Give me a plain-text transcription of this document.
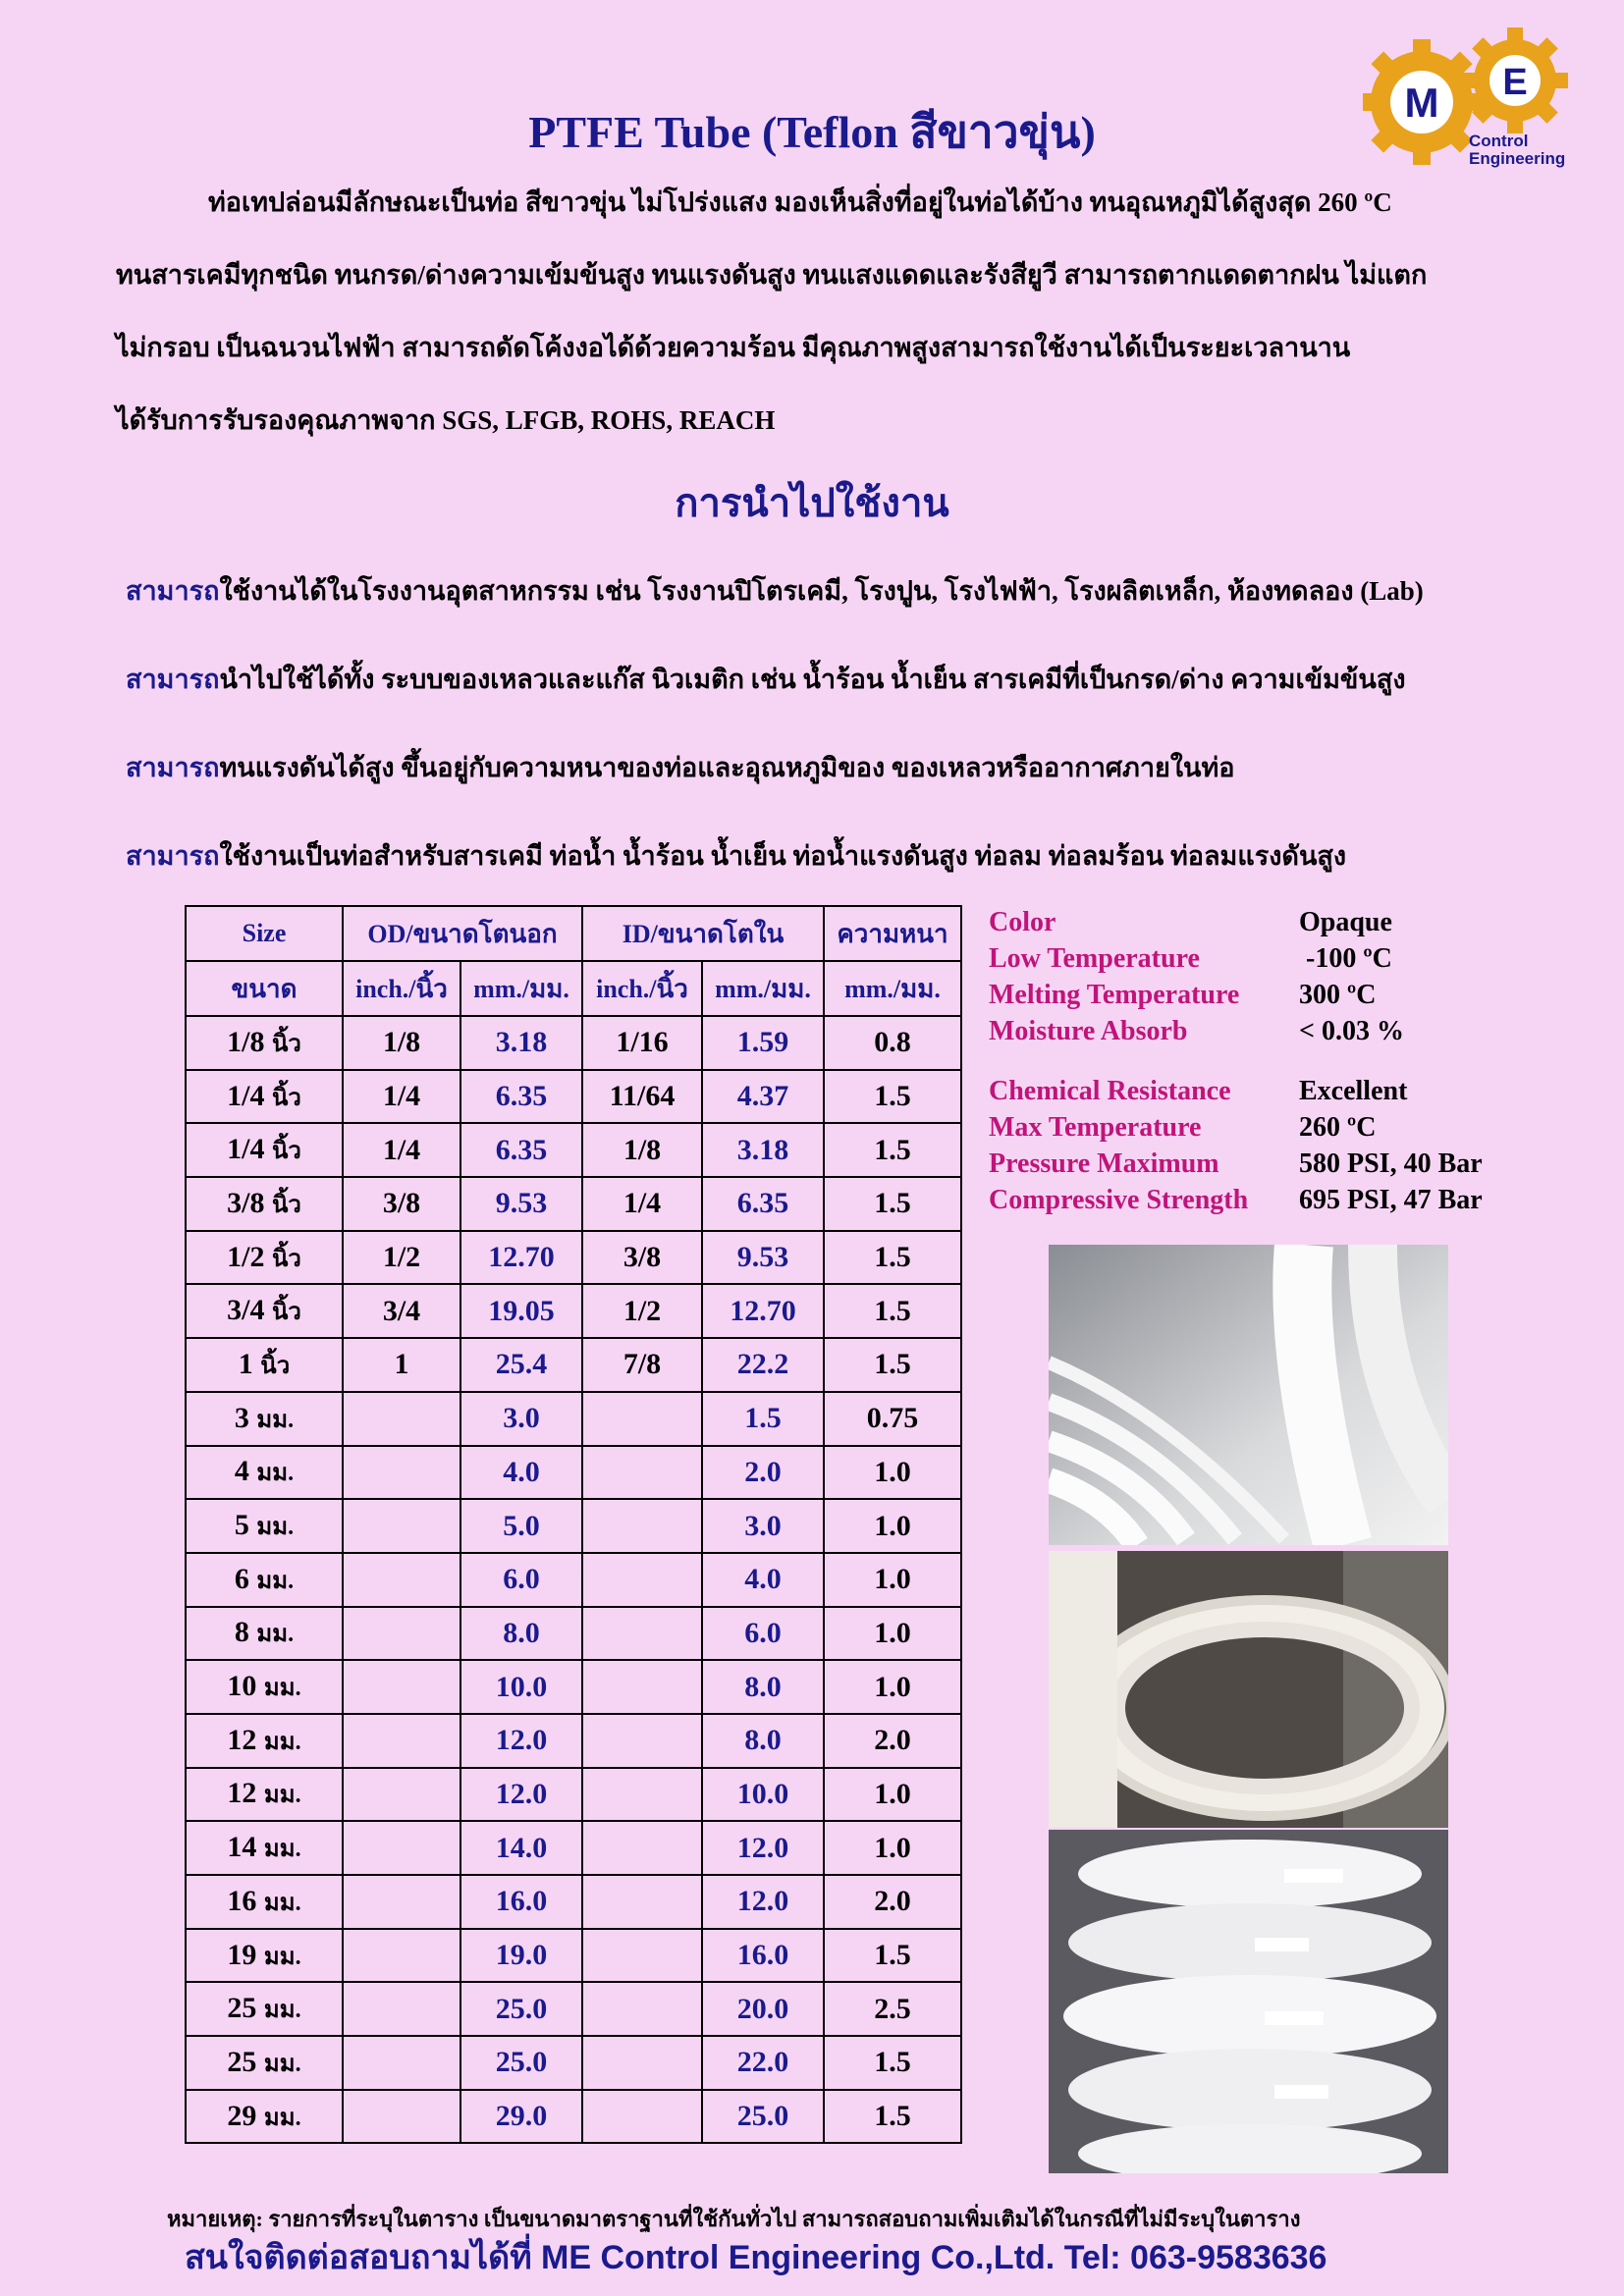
M E
Control
Engineering
PTFE Tube (Teflon สีขาวขุ่น)
ท่อเทปล่อนมีลักษณะเป็นท่อ สีขาวขุ่น ไม่โปร่งแสง มองเห็นสิ่งที่อยู่ในท่อได้บ้าง ทนอุณหภูมิได้สูงสุด 260 ºC
ทนสารเคมีทุกชนิด ทนกรด/ด่างความเข้มข้นสูง ทนแรงดันสูง ทนแสงแดดและรังสียูวี สามารถตากแดดตากฝน ไม่แตก
ไม่กรอบ เป็นฉนวนไฟฟ้า สามารถดัดโค้งงอได้ด้วยความร้อน มีคุณภาพสูงสามารถใช้งานได้เป็นระยะเวลานาน
ได้รับการรับรองคุณภาพจาก SGS, LFGB, ROHS, REACH
การนำไปใช้งาน
สามารถใช้งานได้ในโรงงานอุตสาหกรรม เช่น โรงงานปิโตรเคมี, โรงปูน, โรงไฟฟ้า, โรงผลิตเหล็ก, ห้องทดลอง (Lab)
สามารถนำไปใช้ได้ทั้ง ระบบของเหลวและแก๊ส นิวเมติก เช่น น้ำร้อน น้ำเย็น สารเคมีที่เป็นกรด/ด่าง ความเข้มข้นสูง
สามารถทนแรงดันได้สูง ขึ้นอยู่กับความหนาของท่อและอุณหภูมิของ ของเหลวหรืออากาศภายในท่อ
สามารถใช้งานเป็นท่อสำหรับสารเคมี ท่อน้ำ น้ำร้อน น้ำเย็น ท่อน้ำแรงดันสูง ท่อลม ท่อลมร้อน ท่อลมแรงดันสูง
Size	OD/ขนาดโตนอก		ID/ขนาดโตใน		ความหนา
ขนาด	inch./นิ้ว	mm./มม.	inch./นิ้ว	mm./มม.	mm./มม.
1/8 นิ้ว	1/8	3.18	1/16	1.59	0.8
1/4 นิ้ว	1/4	6.35	11/64	4.37	1.5
1/4 นิ้ว	1/4	6.35	1/8	3.18	1.5
3/8 นิ้ว	3/8	9.53	1/4	6.35	1.5
1/2 นิ้ว	1/2	12.70	3/8	9.53	1.5
3/4 นิ้ว	3/4	19.05	1/2	12.70	1.5
1 นิ้ว	1	25.4	7/8	22.2	1.5
3 มม.		3.0		1.5	0.75
4 มม.		4.0		2.0	1.0
5 มม.		5.0		3.0	1.0
6 มม.		6.0		4.0	1.0
8 มม.		8.0		6.0	1.0
10 มม.		10.0		8.0	1.0
12 มม.		12.0		8.0	2.0
12 มม.		12.0		10.0	1.0
14 มม.		14.0		12.0	1.0
16 มม.		16.0		12.0	2.0
19 มม.		19.0		16.0	1.5
25 มม.		25.0		20.0	2.5
25 มม.		25.0		22.0	1.5
29 มม.		29.0		25.0	1.5
Color	Opaque
Low Temperature	-100 ºC
Melting Temperature 300 ºC
Moisture Absorb	< 0.03 %
Chemical Resistance Excellent
Max Temperature	260 ºC
Pressure Maximum	580 PSI, 40 Bar
Compressive Strength 695 PSI, 47 Bar
หมายเหตุ: รายการที่ระบุในตาราง เป็นขนาดมาตราฐานที่ใช้กันทั่วไป สามารถสอบถามเพิ่มเติมได้ในกรณีที่ไม่มีระบุในตาราง
สนใจติดต่อสอบถามได้ที่ ME Control Engineering Co.,Ltd. Tel: 063-9583636
